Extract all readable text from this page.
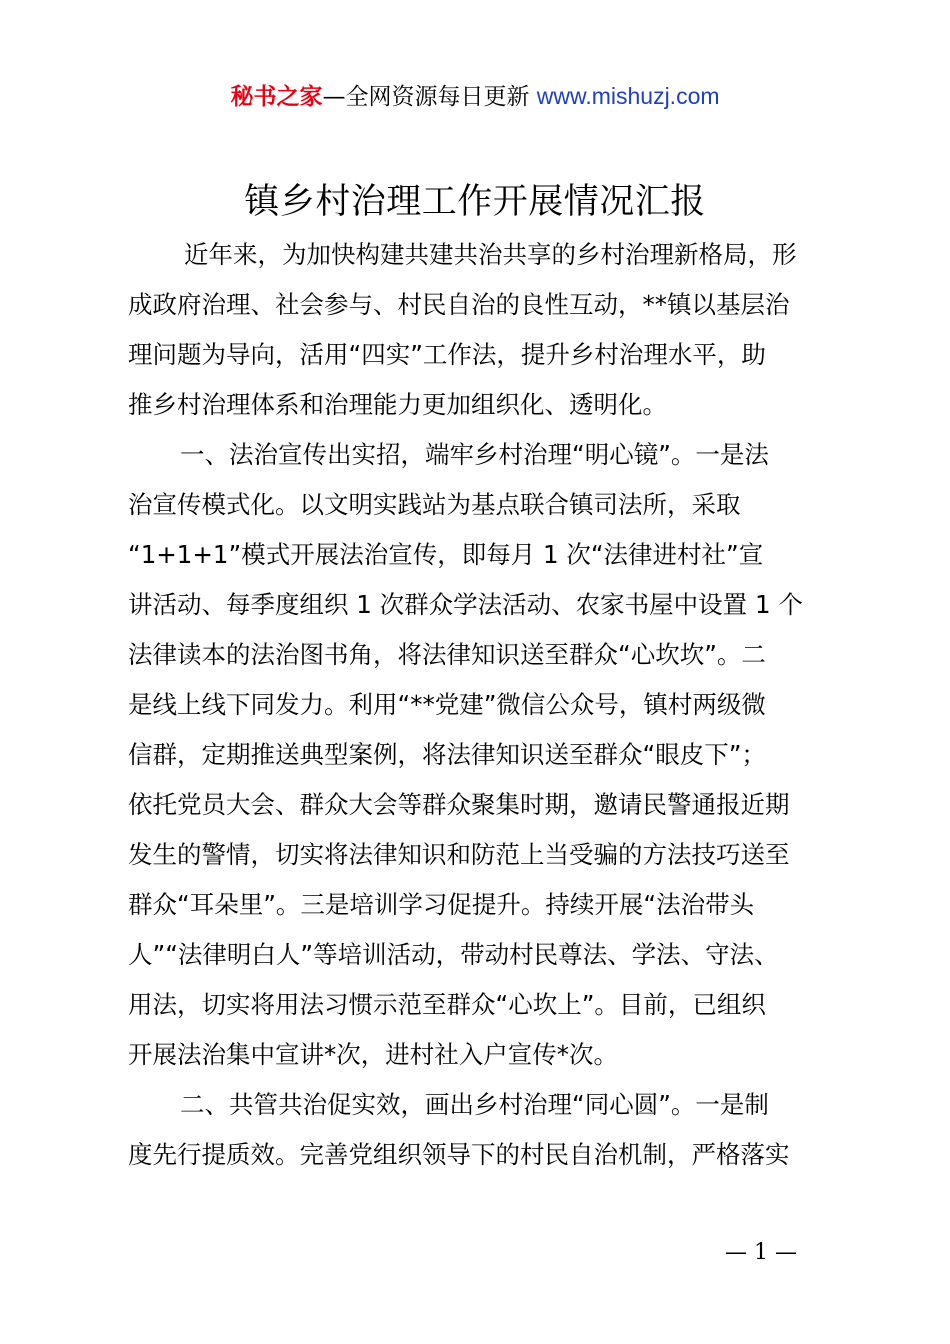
秘书之家—全网资源每日更新 www.mishuzj.com
镇乡村治理工作开展情况汇报
近年来，为加快构建共建共治共享的乡村治理新格局，形
成政府治理、社会参与、村民自治的良性互动，**镇以基层治
理问题为导向，活用“四实”工作法，提升乡村治理水平，助
推乡村治理体系和治理能力更加组织化、透明化。
一、法治宣传出实招，端牢乡村治理“明心镜”。一是法
治宣传模式化。以文明实践站为基点联合镇司法所，采取
“1+1+1”模式开展法治宣传，即每月 1 次“法律进村社”宣
讲活动、每季度组织 1 次群众学法活动、农家书屋中设置 1 个
法律读本的法治图书角，将法律知识送至群众“心坎坎”。二
是线上线下同发力。利用“**党建”微信公众号，镇村两级微
信群，定期推送典型案例，将法律知识送至群众“眼皮下”；
依托党员大会、群众大会等群众聚集时期，邀请民警通报近期
发生的警情，切实将法律知识和防范上当受骗的方法技巧送至
群众“耳朵里”。三是培训学习促提升。持续开展“法治带头
人”“法律明白人”等培训活动，带动村民尊法、学法、守法、
用法，切实将用法习惯示范至群众“心坎上”。目前，已组织
开展法治集中宣讲*次，进村社入户宣传*次。
二、共管共治促实效，画出乡村治理“同心圆”。一是制
度先行提质效。完善党组织领导下的村民自治机制，严格落实
— 1 —
